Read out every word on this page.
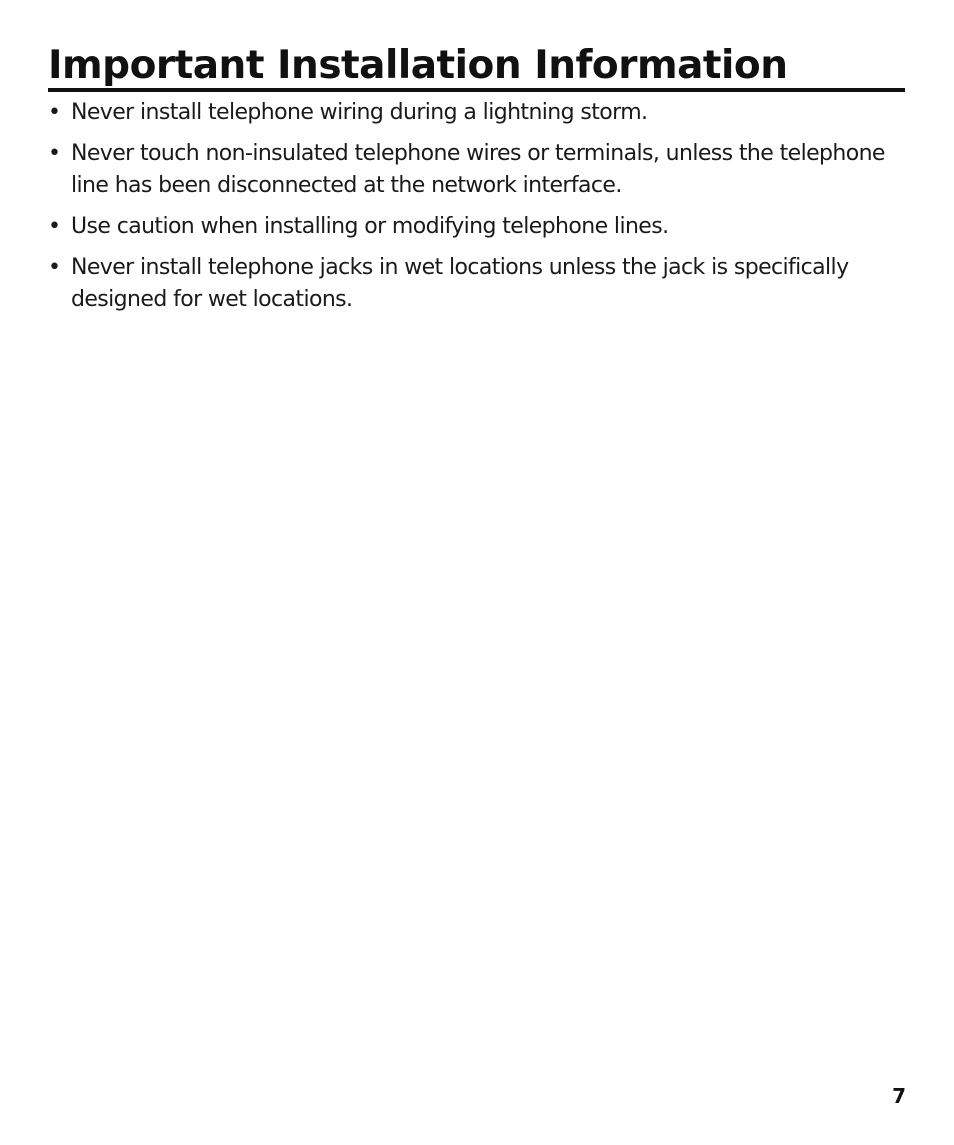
Important Installation Information
• Never install telephone wiring during a lightning storm.
• Never touch non-insulated telephone wires or terminals, unless the telephone line has been disconnected at the network interface.
• Use caution when installing or modifying telephone lines.
• Never install telephone jacks in wet locations unless the jack is specifically designed for wet locations.
7
